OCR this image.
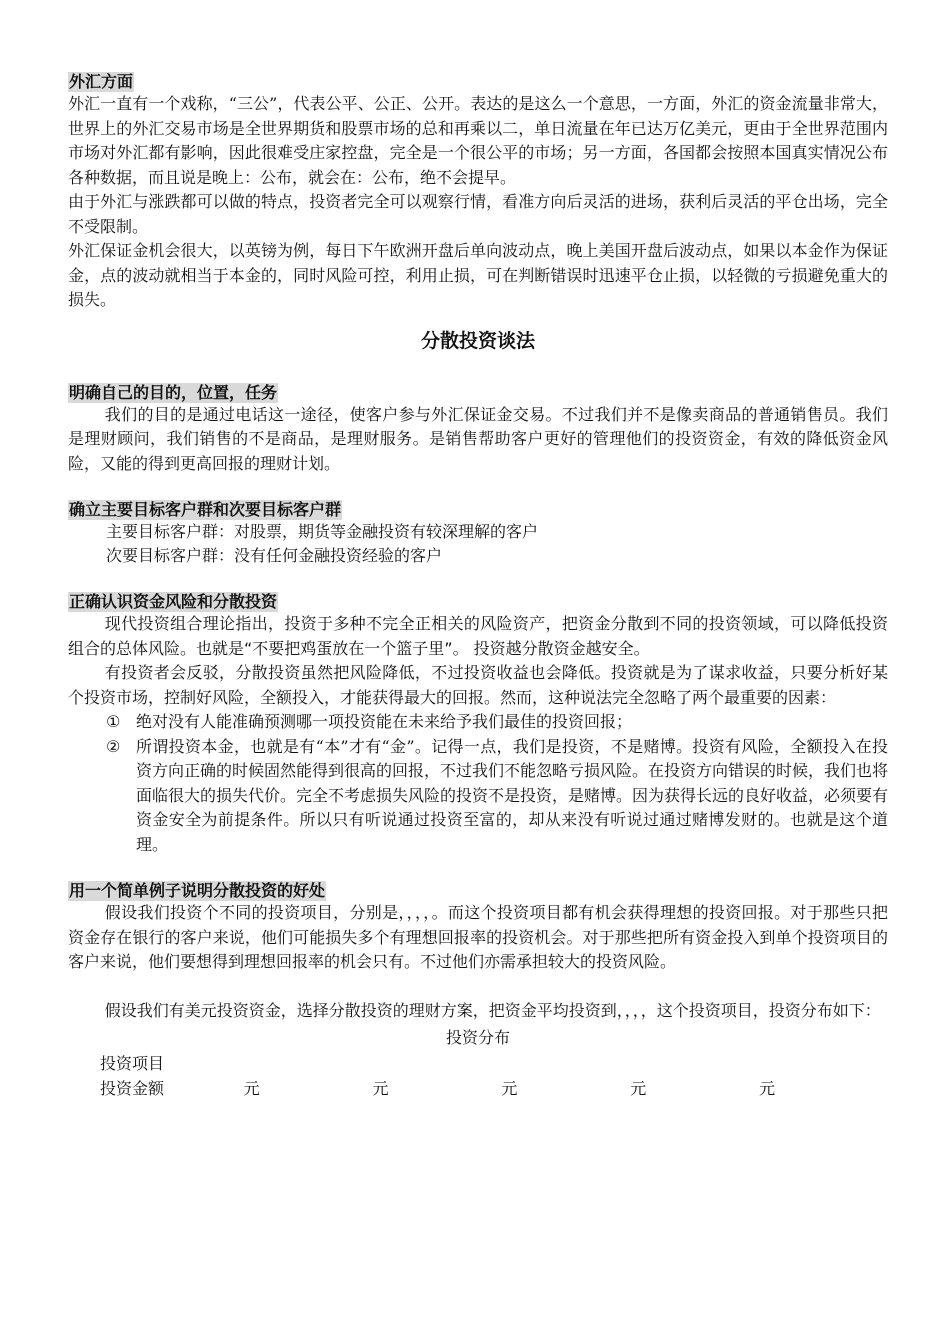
外汇方面

外汇一直有一个戏称，“三公”，代表公平、公正、公开。表达的是这么一个意思，一方面，外汇的资金流量非常大，世界上的外汇交易市场是全世界期货和股票市场的总和再乘以二，单日流量在年已达万亿美元，更由于全世界范围内市场对外汇都有影响，因此很难受庄家控盘，完全是一个很公平的市场；另一方面，各国都会按照本国真实情况公布各种数据，而且说是晚上：公布，就会在：公布，绝不会提早。

由于外汇与涨跌都可以做的特点，投资者完全可以观察行情，看准方向后灵活的进场，获利后灵活的平仓出场，完全不受限制。

外汇保证金机会很大，以英镑为例，每日下午欧洲开盘后单向波动点，晚上美国开盘后波动点，如果以本金作为保证金，点的波动就相当于本金的，同时风险可控，利用止损，可在判断错误时迅速平仓止损，以轻微的亏损避免重大的损失。

分散投资谈法
明确自己的目的，位置，任务

我们的目的是通过电话这一途径，使客户参与外汇保证金交易。不过我们并不是像卖商品的普通销售员。我们是理财顾问，我们销售的不是商品，是理财服务。是销售帮助客户更好的管理他们的投资资金，有效的降低资金风险，又能的得到更高回报的理财计划。

确立主要目标客户群和次要目标客户群

主要目标客户群：对股票，期货等金融投资有较深理解的客户

次要目标客户群：没有任何金融投资经验的客户

正确认识资金风险和分散投资

现代投资组合理论指出，投资于多种不完全正相关的风险资产，把资金分散到不同的投资领域，可以降低投资组合的总体风险。也就是“不要把鸡蛋放在一个篮子里”。 投资越分散资金越安全。

有投资者会反驳，分散投资虽然把风险降低，不过投资收益也会降低。投资就是为了谋求收益，只要分析好某个投资市场，控制好风险，全额投入，才能获得最大的回报。然而，这种说法完全忽略了两个最重要的因素：

① 绝对没有人能准确预测哪一项投资能在未来给予我们最佳的投资回报；
② 所谓投资本金，也就是有“本”才有“金”。记得一点，我们是投资，不是赌博。投资有风险，全额投入在投资方向正确的时候固然能得到很高的回报，不过我们不能忽略亏损风险。在投资方向错误的时候，我们也将面临很大的损失代价。完全不考虑损失风险的投资不是投资，是赌博。因为获得长远的良好收益，必须要有资金安全为前提条件。所以只有听说通过投资至富的，却从来没有听说过通过赌博发财的。也就是这个道理。
用一个简单例子说明分散投资的好处

假设我们投资个不同的投资项目，分别是，，，，。而这个投资项目都有机会获得理想的投资回报。对于那些只把资金存在银行的客户来说，他们可能损失多个有理想回报率的投资机会。对于那些把所有资金投入到单个投资项目的客户来说，他们要想得到理想回报率的机会只有。不过他们亦需承担较大的投资风险。

假设我们有美元投资资金，选择分散投资的理财方案，把资金平均投资到，，，，这个投资项目，投资分布如下：

投资分布
投资项目					
投资金额	元	元	元	元	元
